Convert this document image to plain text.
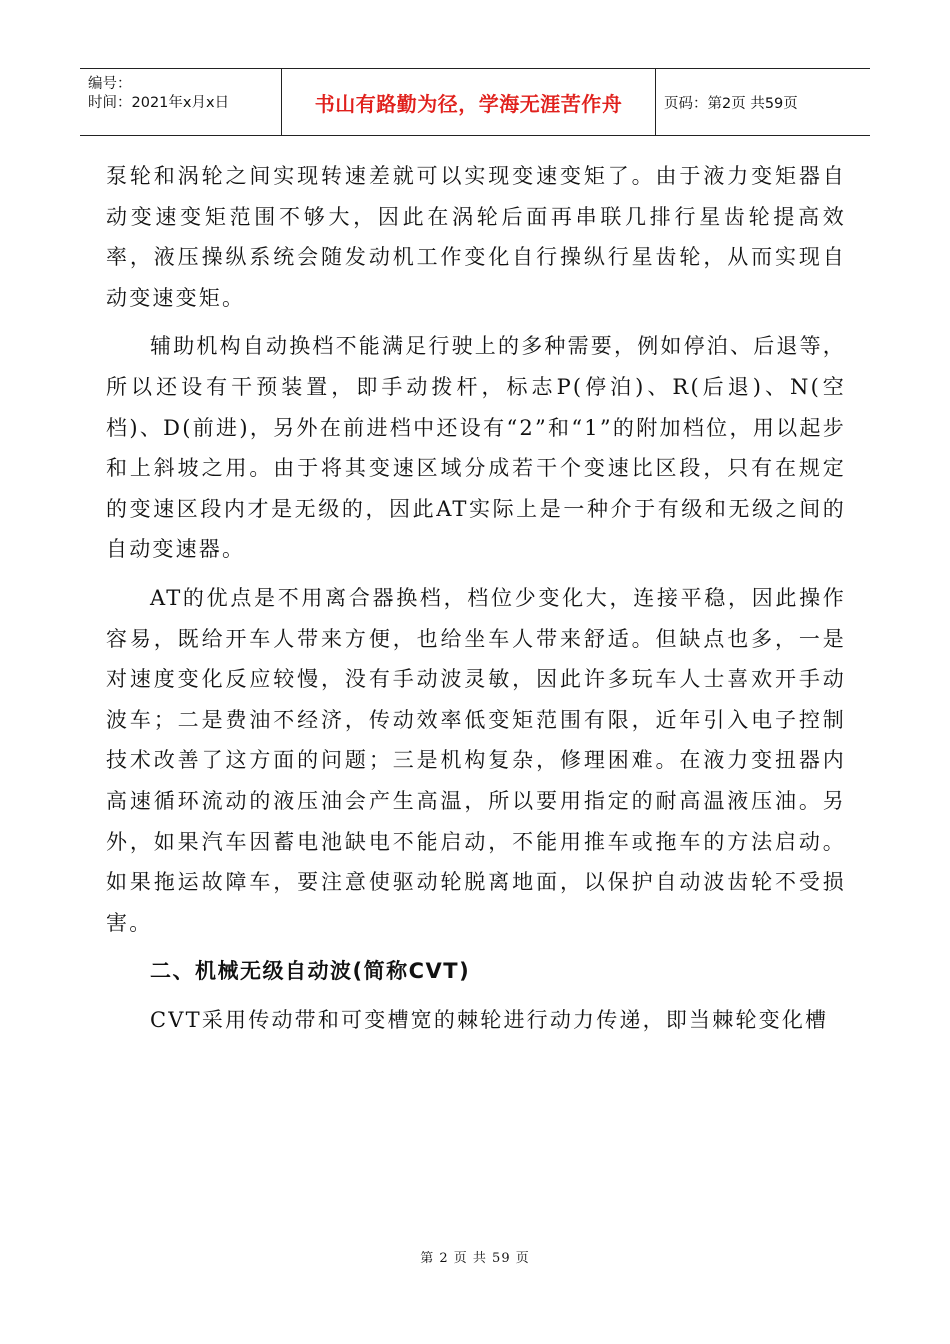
编号：
时间：2021年x月x日	书山有路勤为径，学海无涯苦作舟	页码：第2页 共59页

泵轮和涡轮之间实现转速差就可以实现变速变矩了。由于液力变矩器自动变速变矩范围不够大，因此在涡轮后面再串联几排行星齿轮提高效率，液压操纵系统会随发动机工作变化自行操纵行星齿轮，从而实现自动变速变矩。

辅助机构自动换档不能满足行驶上的多种需要，例如停泊、后退等，所以还设有干预装置，即手动拨杆，标志P(停泊)、R(后退)、N(空档)、D(前进)，另外在前进档中还设有“2”和“1”的附加档位，用以起步和上斜坡之用。由于将其变速区域分成若干个变速比区段，只有在规定的变速区段内才是无级的，因此AT实际上是一种介于有级和无级之间的自动变速器。

AT的优点是不用离合器换档，档位少变化大，连接平稳，因此操作容易，既给开车人带来方便，也给坐车人带来舒适。但缺点也多，一是对速度变化反应较慢，没有手动波灵敏，因此许多玩车人士喜欢开手动波车；二是费油不经济，传动效率低变矩范围有限，近年引入电子控制技术改善了这方面的问题；三是机构复杂，修理困难。在液力变扭器内高速循环流动的液压油会产生高温，所以要用指定的耐高温液压油。另外，如果汽车因蓄电池缺电不能启动，不能用推车或拖车的方法启动。如果拖运故障车，要注意使驱动轮脱离地面，以保护自动波齿轮不受损害。

二、机械无级自动波(简称CVT)

CVT采用传动带和可变槽宽的棘轮进行动力传递，即当棘轮变化槽

第 2 页 共 59 页
